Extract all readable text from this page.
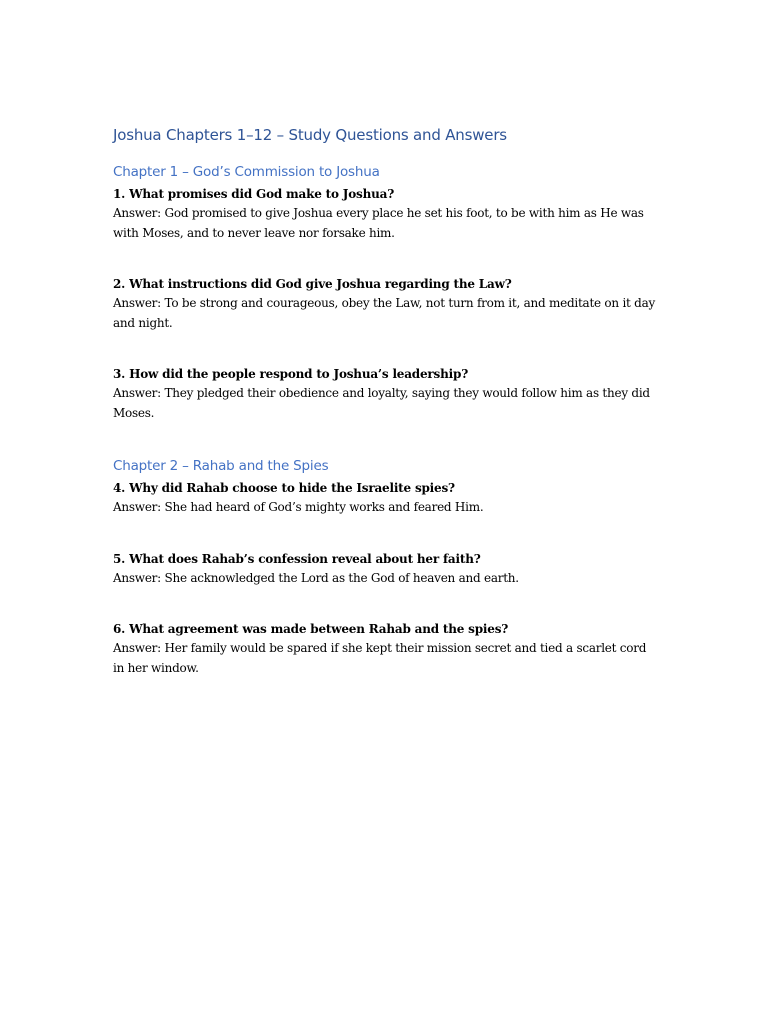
Joshua Chapters 1–12 – Study Questions and Answers
Chapter 1 – God’s Commission to Joshua

1. What promises did God make to Joshua?

Answer: God promised to give Joshua every place he set his foot, to be with him as He was with Moses, and to never leave nor forsake him.

2. What instructions did God give Joshua regarding the Law?

Answer: To be strong and courageous, obey the Law, not turn from it, and meditate on it day and night.

3. How did the people respond to Joshua’s leadership?

Answer: They pledged their obedience and loyalty, saying they would follow him as they did Moses.

Chapter 2 – Rahab and the Spies

4. Why did Rahab choose to hide the Israelite spies?

Answer: She had heard of God’s mighty works and feared Him.

5. What does Rahab’s confession reveal about her faith?

Answer: She acknowledged the Lord as the God of heaven and earth.

6. What agreement was made between Rahab and the spies?

Answer: Her family would be spared if she kept their mission secret and tied a scarlet cord in her window.
